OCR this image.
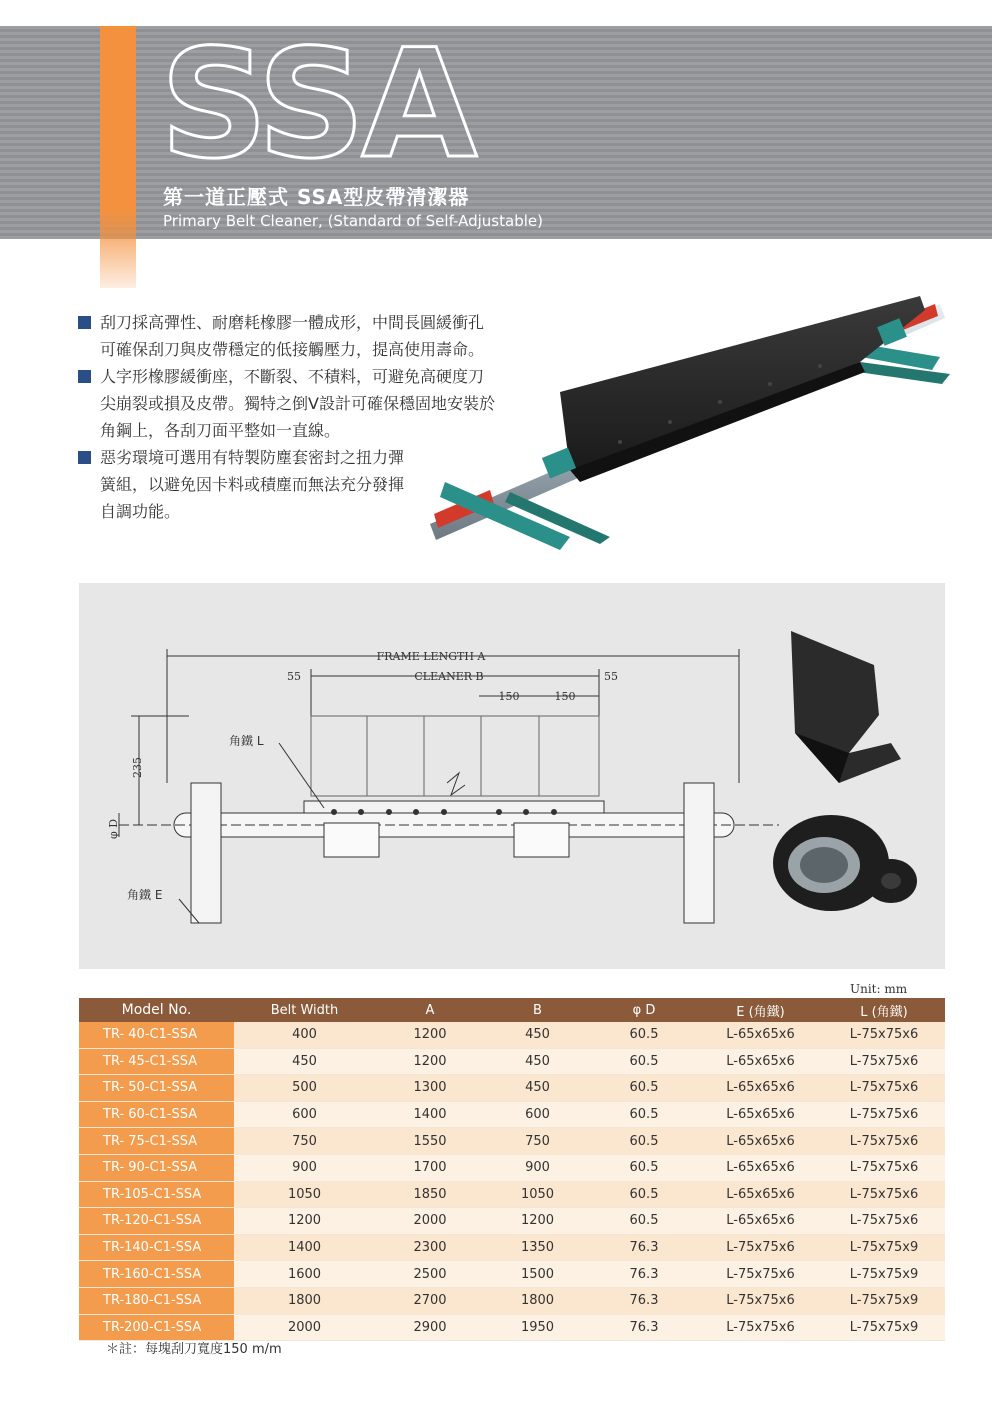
SSA
第一道正壓式 SSA型皮帶清潔器
Primary Belt Cleaner, (Standard of Self-Adjustable)
刮刀採高彈性、耐磨耗橡膠一體成形，中間長圓緩衝孔
可確保刮刀與皮帶穩定的低接觸壓力，提高使用壽命。
人字形橡膠緩衝座，不斷裂、不積料，可避免高硬度刀
尖崩裂或損及皮帶。獨特之倒V設計可確保穩固地安裝於
角鋼上，各刮刀面平整如一直線。
惡劣環境可選用有特製防塵套密封之扭力彈
簧組，以避免因卡料或積塵而無法充分發揮
自調功能。
FRAME LENGTH A
CLEANER B
55	55
150	150
235
φ D
角鐵 L
角鐵 E
Unit: mm
Model No.	Belt Width	A	B	φ D	E (角鐵)	L (角鐵)
TR- 40-C1-SSA	400	1200	450	60.5	L-65x65x6	L-75x75x6
TR- 45-C1-SSA	450	1200	450	60.5	L-65x65x6	L-75x75x6
TR- 50-C1-SSA	500	1300	450	60.5	L-65x65x6	L-75x75x6
TR- 60-C1-SSA	600	1400	600	60.5	L-65x65x6	L-75x75x6
TR- 75-C1-SSA	750	1550	750	60.5	L-65x65x6	L-75x75x6
TR- 90-C1-SSA	900	1700	900	60.5	L-65x65x6	L-75x75x6
TR-105-C1-SSA	1050	1850	1050	60.5	L-65x65x6	L-75x75x6
TR-120-C1-SSA	1200	2000	1200	60.5	L-65x65x6	L-75x75x6
TR-140-C1-SSA	1400	2300	1350	76.3	L-75x75x6	L-75x75x9
TR-160-C1-SSA	1600	2500	1500	76.3	L-75x75x6	L-75x75x9
TR-180-C1-SSA	1800	2700	1800	76.3	L-75x75x6	L-75x75x9
TR-200-C1-SSA	2000	2900	1950	76.3	L-75x75x6	L-75x75x9
＊註：每塊刮刀寬度150 m/m
